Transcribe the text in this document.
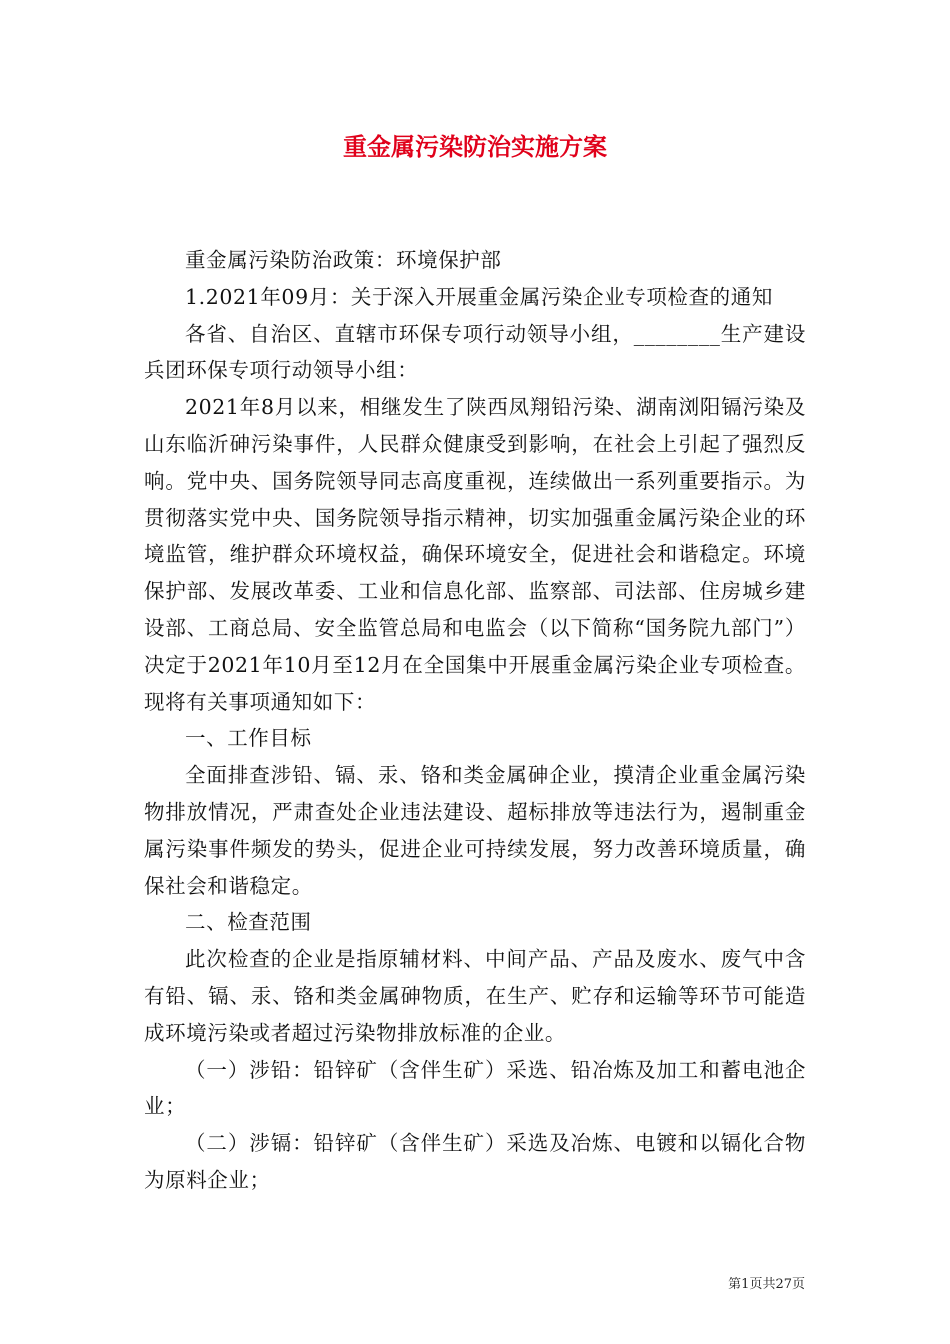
重金属污染防治实施方案

重金属污染防治政策：环境保护部

1.2021年09月：关于深入开展重金属污染企业专项检查的通知

各省、自治区、直辖市环保专项行动领导小组，________生产建设兵团环保专项行动领导小组：

2021年8月以来，相继发生了陕西凤翔铅污染、湖南浏阳镉污染及山东临沂砷污染事件，人民群众健康受到影响，在社会上引起了强烈反响。党中央、国务院领导同志高度重视，连续做出一系列重要指示。为贯彻落实党中央、国务院领导指示精神，切实加强重金属污染企业的环境监管，维护群众环境权益，确保环境安全，促进社会和谐稳定。环境保护部、发展改革委、工业和信息化部、监察部、司法部、住房城乡建设部、工商总局、安全监管总局和电监会（以下简称“国务院九部门”）决定于2021年10月至12月在全国集中开展重金属污染企业专项检查。现将有关事项通知如下：

一、工作目标

全面排查涉铅、镉、汞、铬和类金属砷企业，摸清企业重金属污染物排放情况，严肃查处企业违法建设、超标排放等违法行为，遏制重金属污染事件频发的势头，促进企业可持续发展，努力改善环境质量，确保社会和谐稳定。

二、检查范围

此次检查的企业是指原辅材料、中间产品、产品及废水、废气中含有铅、镉、汞、铬和类金属砷物质，在生产、贮存和运输等环节可能造成环境污染或者超过污染物排放标准的企业。

（一）涉铅：铅锌矿（含伴生矿）采选、铅冶炼及加工和蓄电池企业；

（二）涉镉：铅锌矿（含伴生矿）采选及冶炼、电镀和以镉化合物为原料企业；

第1页共27页
